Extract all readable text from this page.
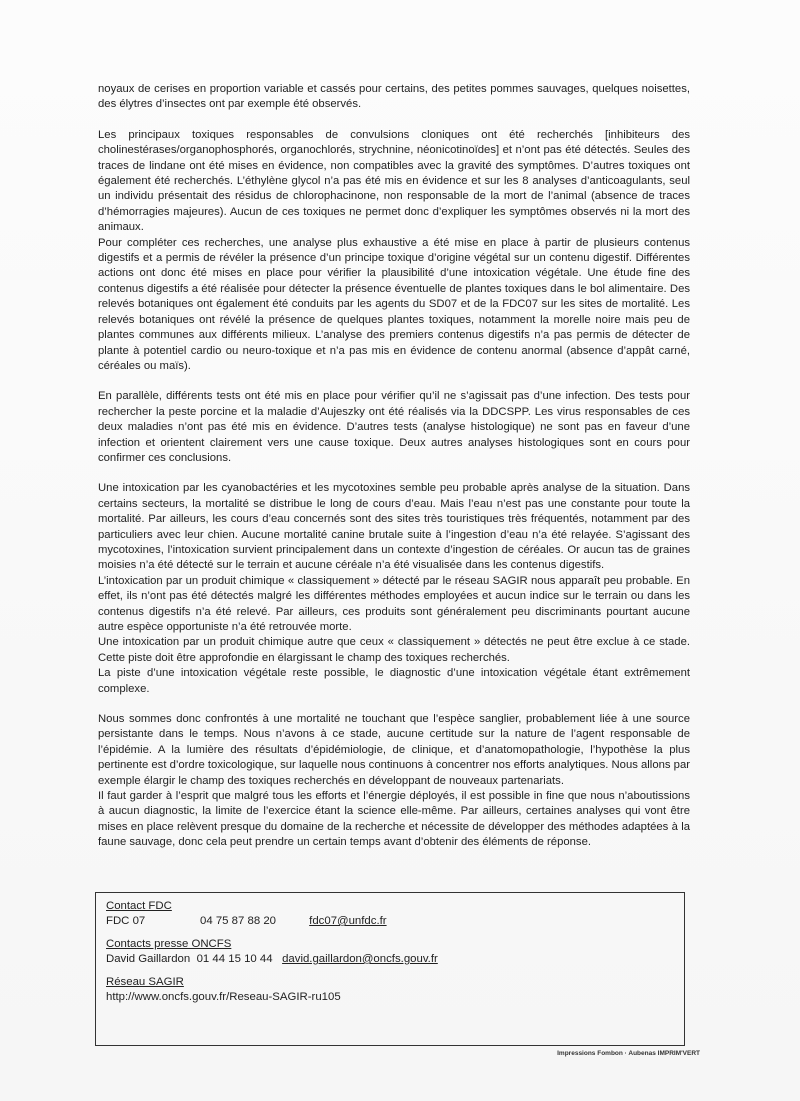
noyaux de cerises en proportion variable et cassés pour certains, des petites pommes sauvages, quelques noisettes, des élytres d’insectes ont par exemple été observés.

Les principaux toxiques responsables de convulsions cloniques ont été recherchés [inhibiteurs des cholinestérases/organophosphorés, organochlorés, strychnine, néonicotinoïdes] et n’ont pas été détectés. Seules des traces de lindane ont été mises en évidence, non compatibles avec la gravité des symptômes. D’autres toxiques ont également été recherchés. L’éthylène glycol n’a pas été mis en évidence et sur les 8 analyses d’anticoagulants, seul un individu présentait des résidus de chlorophacinone, non responsable de la mort de l’animal (absence de traces d’hémorragies majeures). Aucun de ces toxiques ne permet donc d’expliquer les symptômes observés ni la mort des animaux.

Pour compléter ces recherches, une analyse plus exhaustive a été mise en place à partir de plusieurs contenus digestifs et a permis de révéler la présence d’un principe toxique d’origine végétal sur un contenu digestif. Différentes actions ont donc été mises en place pour vérifier la plausibilité d’une intoxication végétale. Une étude fine des contenus digestifs a été réalisée pour détecter la présence éventuelle de plantes toxiques dans le bol alimentaire. Des relevés botaniques ont également été conduits par les agents du SD07 et de la FDC07 sur les sites de mortalité. Les relevés botaniques ont révélé la présence de quelques plantes toxiques, notamment la morelle noire mais peu de plantes communes aux différents milieux. L’analyse des premiers contenus digestifs n’a pas permis de détecter de plante à potentiel cardio ou neuro-toxique et n’a pas mis en évidence de contenu anormal (absence d’appât carné, céréales ou maïs).

En parallèle, différents tests ont été mis en place pour vérifier qu’il ne s’agissait pas d’une infection. Des tests pour rechercher la peste porcine et la maladie d’Aujeszky ont été réalisés via la DDCSPP. Les virus responsables de ces deux maladies n’ont pas été mis en évidence. D’autres tests (analyse histologique) ne sont pas en faveur d’une infection et orientent clairement vers une cause toxique. Deux autres analyses histologiques sont en cours pour confirmer ces conclusions.

Une intoxication par les cyanobactéries et les mycotoxines semble peu probable après analyse de la situation. Dans certains secteurs, la mortalité se distribue le long de cours d’eau. Mais l’eau n’est pas une constante pour toute la mortalité. Par ailleurs, les cours d’eau concernés sont des sites très touristiques très fréquentés, notamment par des particuliers avec leur chien. Aucune mortalité canine brutale suite à l’ingestion d’eau n’a été relayée. S’agissant des mycotoxines, l’intoxication survient principalement dans un contexte d’ingestion de céréales. Or aucun tas de graines moisies n’a été détecté sur le terrain et aucune céréale n’a été visualisée dans les contenus digestifs.

L’intoxication par un produit chimique « classiquement » détecté par le réseau SAGIR nous apparaît peu probable. En effet, ils n’ont pas été détectés malgré les différentes méthodes employées et aucun indice sur le terrain ou dans les contenus digestifs n’a été relevé. Par ailleurs, ces produits sont généralement peu discriminants pourtant aucune autre espèce opportuniste n’a été retrouvée morte.

Une intoxication par un produit chimique autre que ceux « classiquement » détectés ne peut être exclue à ce stade. Cette piste doit être approfondie en élargissant le champ des toxiques recherchés.

La piste d’une intoxication végétale reste possible, le diagnostic d’une intoxication végétale étant extrêmement complexe.

Nous sommes donc confrontés à une mortalité ne touchant que l’espèce sanglier, probablement liée à une source persistante dans le temps. Nous n’avons à ce stade, aucune certitude sur la nature de l’agent responsable de l’épidémie. A la lumière des résultats d’épidémiologie, de clinique, et d’anatomopathologie, l’hypothèse la plus pertinente est d’ordre toxicologique, sur laquelle nous continuons à concentrer nos efforts analytiques. Nous allons par exemple élargir le champ des toxiques recherchés en développant de nouveaux partenariats.

Il faut garder à l’esprit que malgré tous les efforts et l’énergie déployés, il est possible in fine que nous n’aboutissions à aucun diagnostic, la limite de l’exercice étant la science elle-même. Par ailleurs, certaines analyses qui vont être mises en place relèvent presque du domaine de la recherche et nécessite de développer des méthodes adaptées à la faune sauvage, donc cela peut prendre un certain temps avant d’obtenir des éléments de réponse.

Contact FDC
FDC 07	04 75 87 88 20	fdc07@unfdc.fr
Contacts presse ONCFS
David Gaillardon 01 44 15 10 44 david.gaillardon@oncfs.gouv.fr
Réseau SAGIR
http://www.oncfs.gouv.fr/Reseau-SAGIR-ru105
Impressions Fombon · Aubenas IMPRIM'VERT
